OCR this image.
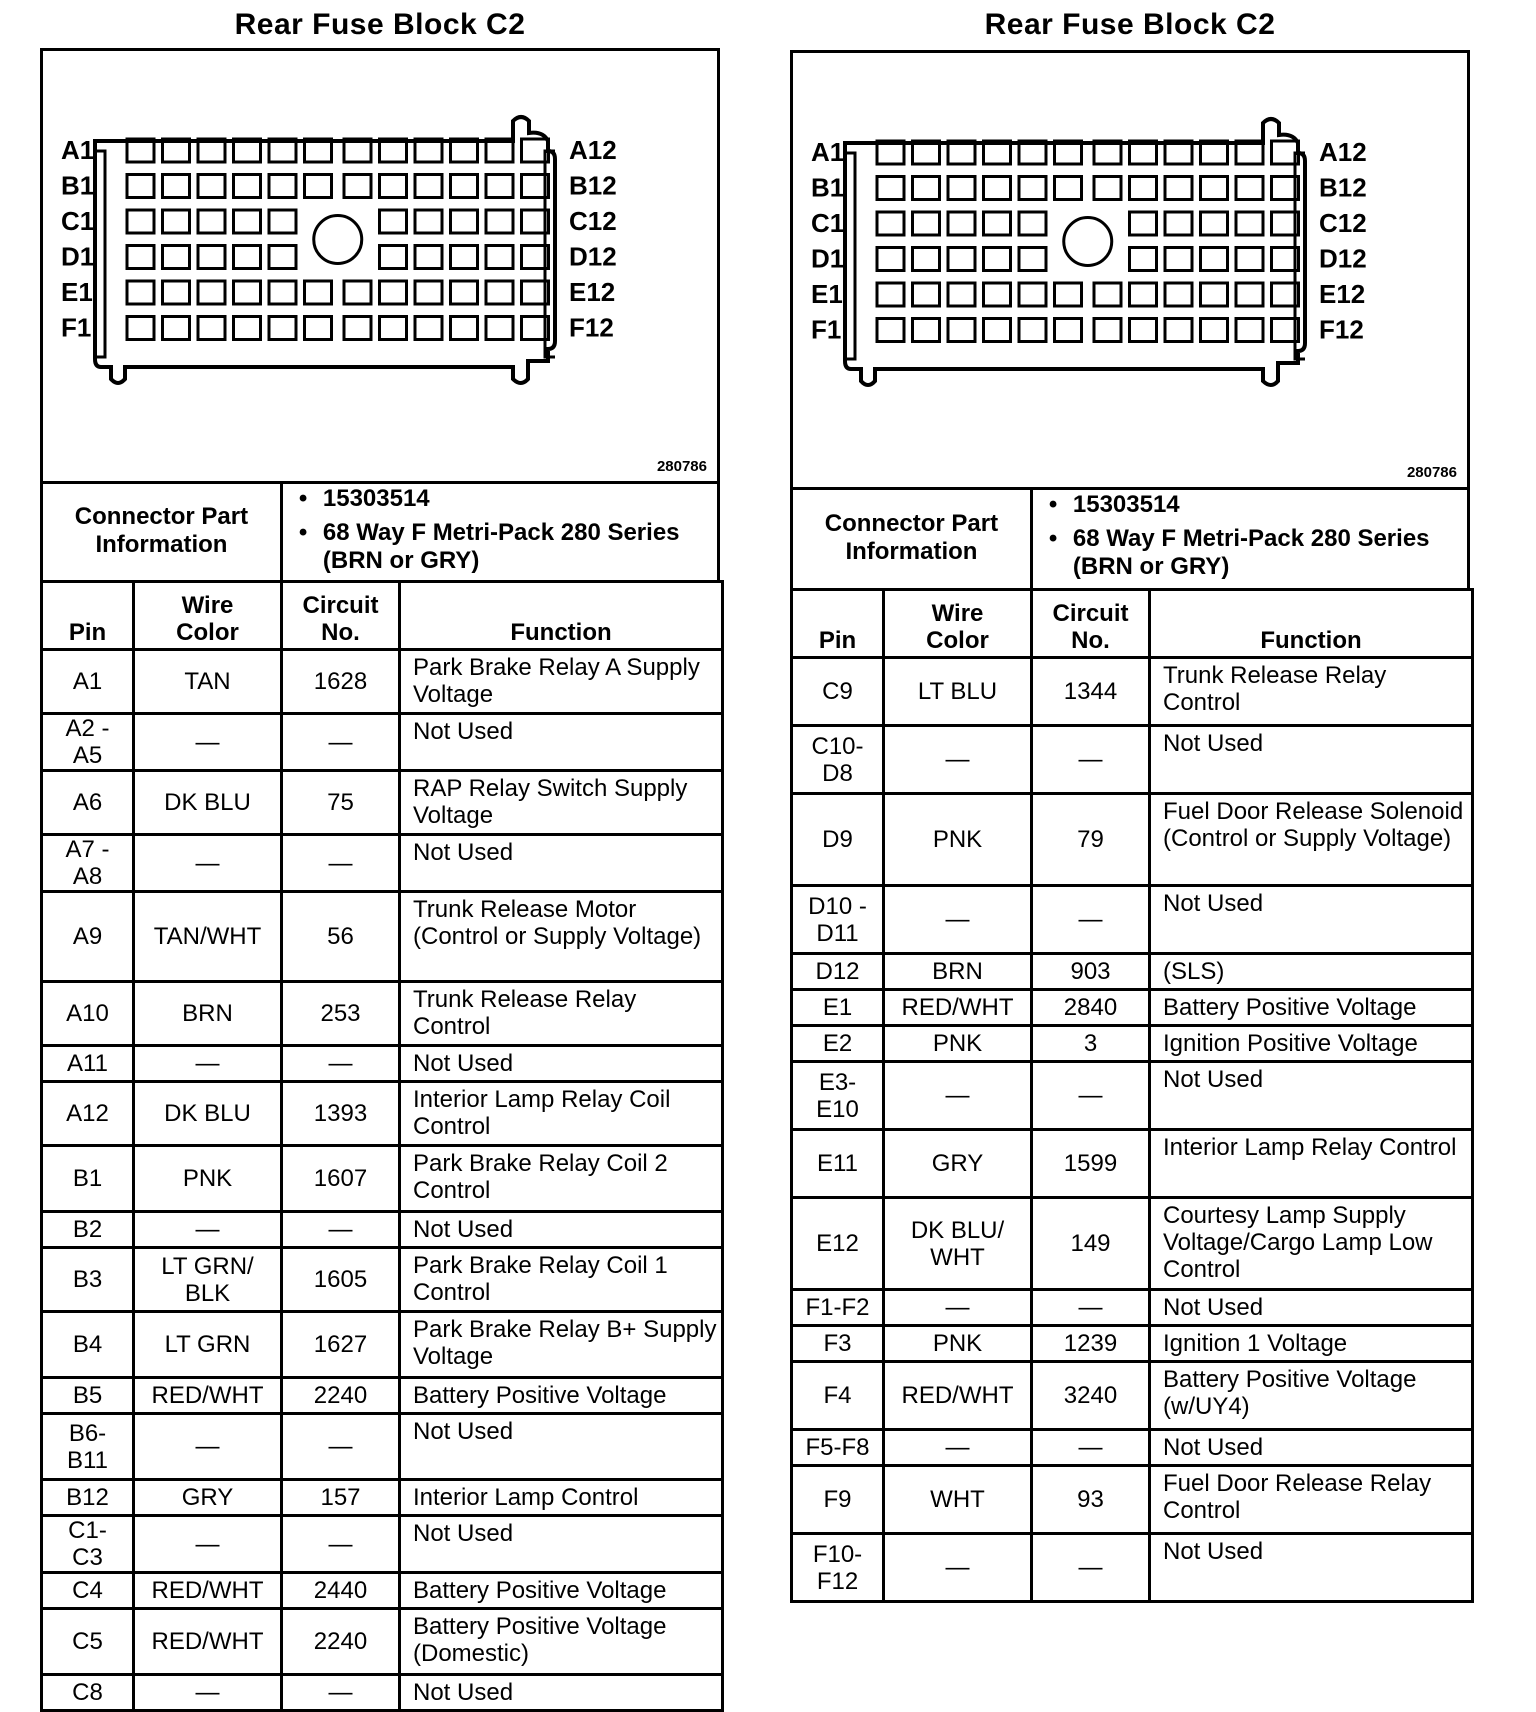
Rear Fuse Block C2
A1
B1
C1
D1
E1
F1
A12
B12
C12
D12
E12
F12
280786
Connector Part Information
• 15303514
• 68 Way F Metri-Pack 280 Series (BRN or GRY)
Pin	Wire Color	Circuit No.	Function
A1	TAN	1628	Park Brake Relay A Supply Voltage
A2 - A5	—	—	Not Used
A6	DK BLU	75	RAP Relay Switch Supply Voltage
A7 - A8	—	—	Not Used
A9	TAN/WHT	56	Trunk Release Motor (Control or Supply Voltage)
A10	BRN	253	Trunk Release Relay Control
A11	—	—	Not Used
A12	DK BLU	1393	Interior Lamp Relay Coil Control
B1	PNK	1607	Park Brake Relay Coil 2 Control
B2	—	—	Not Used
B3	LT GRN/ BLK	1605	Park Brake Relay Coil 1 Control
B4	LT GRN	1627	Park Brake Relay B+ Supply Voltage
B5	RED/WHT	2240	Battery Positive Voltage
B6- B11	—	—	Not Used
B12	GRY	157	Interior Lamp Control
C1-C3	—	—	Not Used
C4	RED/WHT	2440	Battery Positive Voltage
C5	RED/WHT	2240	Battery Positive Voltage (Domestic)
C8	—	—	Not Used
Rear Fuse Block C2
A1
B1
C1
D1
E1
F1
A12
B12
C12
D12
E12
F12
280786
Connector Part Information
• 15303514
• 68 Way F Metri-Pack 280 Series (BRN or GRY)
Pin	Wire Color	Circuit No.	Function
C9	LT BLU	1344	Trunk Release Relay Control
C10- D8	—	—	Not Used
D9	PNK	79	Fuel Door Release Solenoid (Control or Supply Voltage)
D10 - D11	—	—	Not Used
D12	BRN	903	(SLS)
E1	RED/WHT	2840	Battery Positive Voltage
E2	PNK	3	Ignition Positive Voltage
E3- E10	—	—	Not Used
E11	GRY	1599	Interior Lamp Relay Control
E12	DK BLU/ WHT	149	Courtesy Lamp Supply Voltage/Cargo Lamp Low Control
F1-F2	—	—	Not Used
F3	PNK	1239	Ignition 1 Voltage
F4	RED/WHT	3240	Battery Positive Voltage (w/UY4)
F5-F8	—	—	Not Used
F9	WHT	93	Fuel Door Release Relay Control
F10- F12	—	—	Not Used
